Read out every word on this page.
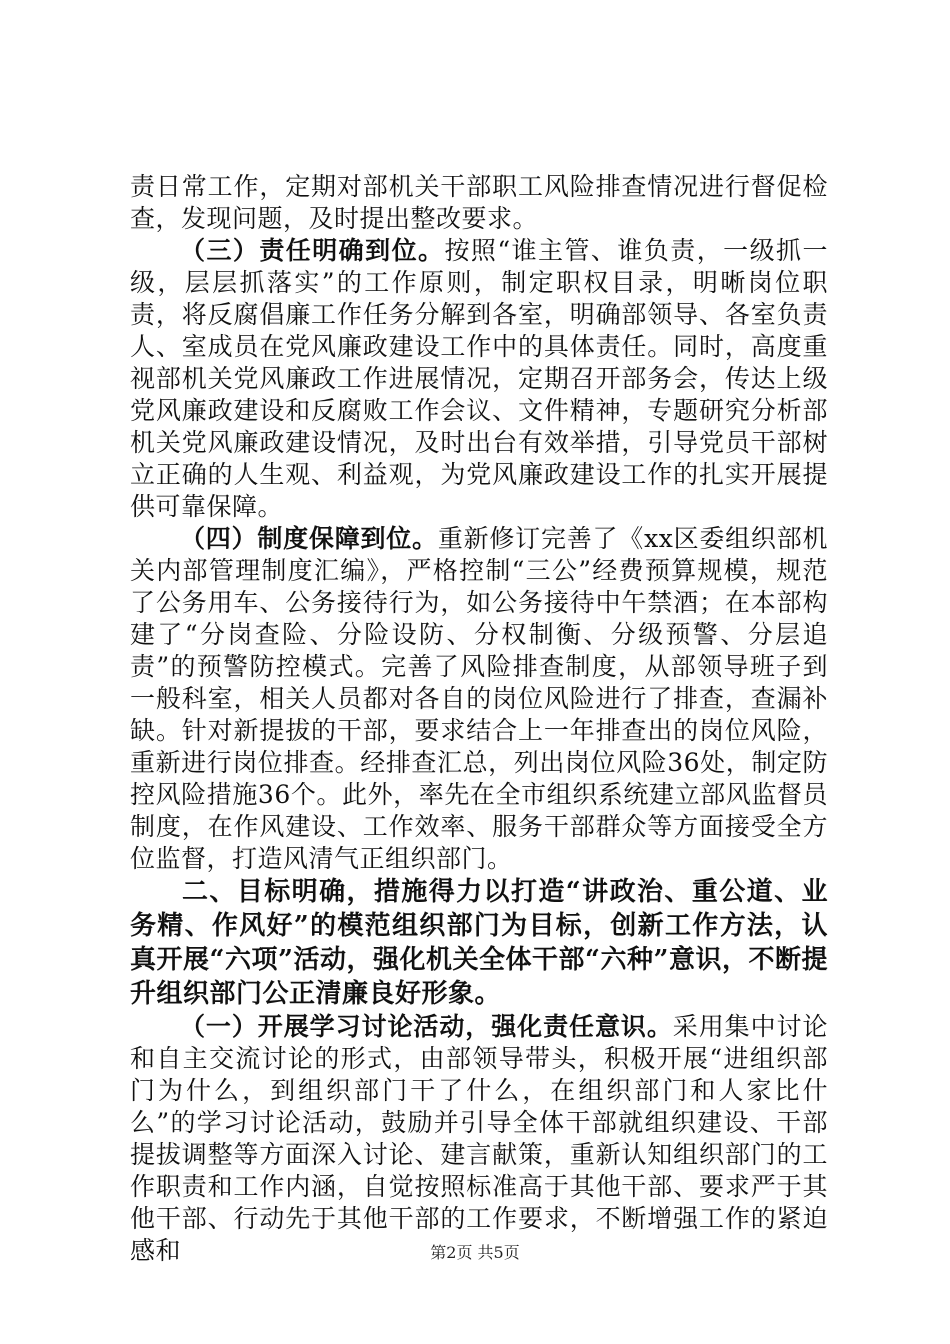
责日常工作，定期对部机关干部职工风险排查情况进行督促检查，发现问题，及时提出整改要求。

（三）责任明确到位。按照“谁主管、谁负责，一级抓一级，层层抓落实”的工作原则，制定职权目录，明晰岗位职责，将反腐倡廉工作任务分解到各室，明确部领导、各室负责人、室成员在党风廉政建设工作中的具体责任。同时，高度重视部机关党风廉政工作进展情况，定期召开部务会，传达上级党风廉政建设和反腐败工作会议、文件精神，专题研究分析部机关党风廉政建设情况，及时出台有效举措，引导党员干部树立正确的人生观、利益观，为党风廉政建设工作的扎实开展提供可靠保障。

（四）制度保障到位。重新修订完善了《xx区委组织部机关内部管理制度汇编》，严格控制“三公”经费预算规模，规范了公务用车、公务接待行为，如公务接待中午禁酒；在本部构建了“分岗查险、分险设防、分权制衡、分级预警、分层追责”的预警防控模式。完善了风险排查制度，从部领导班子到一般科室，相关人员都对各自的岗位风险进行了排查，查漏补缺。针对新提拔的干部，要求结合上一年排查出的岗位风险，重新进行岗位排查。经排查汇总，列出岗位风险36处，制定防控风险措施36个。此外，率先在全市组织系统建立部风监督员制度，在作风建设、工作效率、服务干部群众等方面接受全方位监督，打造风清气正组织部门。

二、目标明确，措施得力以打造“讲政治、重公道、业务精、作风好”的模范组织部门为目标，创新工作方法，认真开展“六项”活动，强化机关全体干部“六种”意识，不断提升组织部门公正清廉良好形象。

（一）开展学习讨论活动，强化责任意识。采用集中讨论和自主交流讨论的形式，由部领导带头，积极开展“进组织部门为什么，到组织部门干了什么，在组织部门和人家比什么”的学习讨论活动，鼓励并引导全体干部就组织建设、干部提拔调整等方面深入讨论、建言献策，重新认知组织部门的工作职责和工作内涵，自觉按照标准高于其他干部、要求严于其他干部、行动先于其他干部的工作要求，不断增强工作的紧迫感和	第2页 共5页
